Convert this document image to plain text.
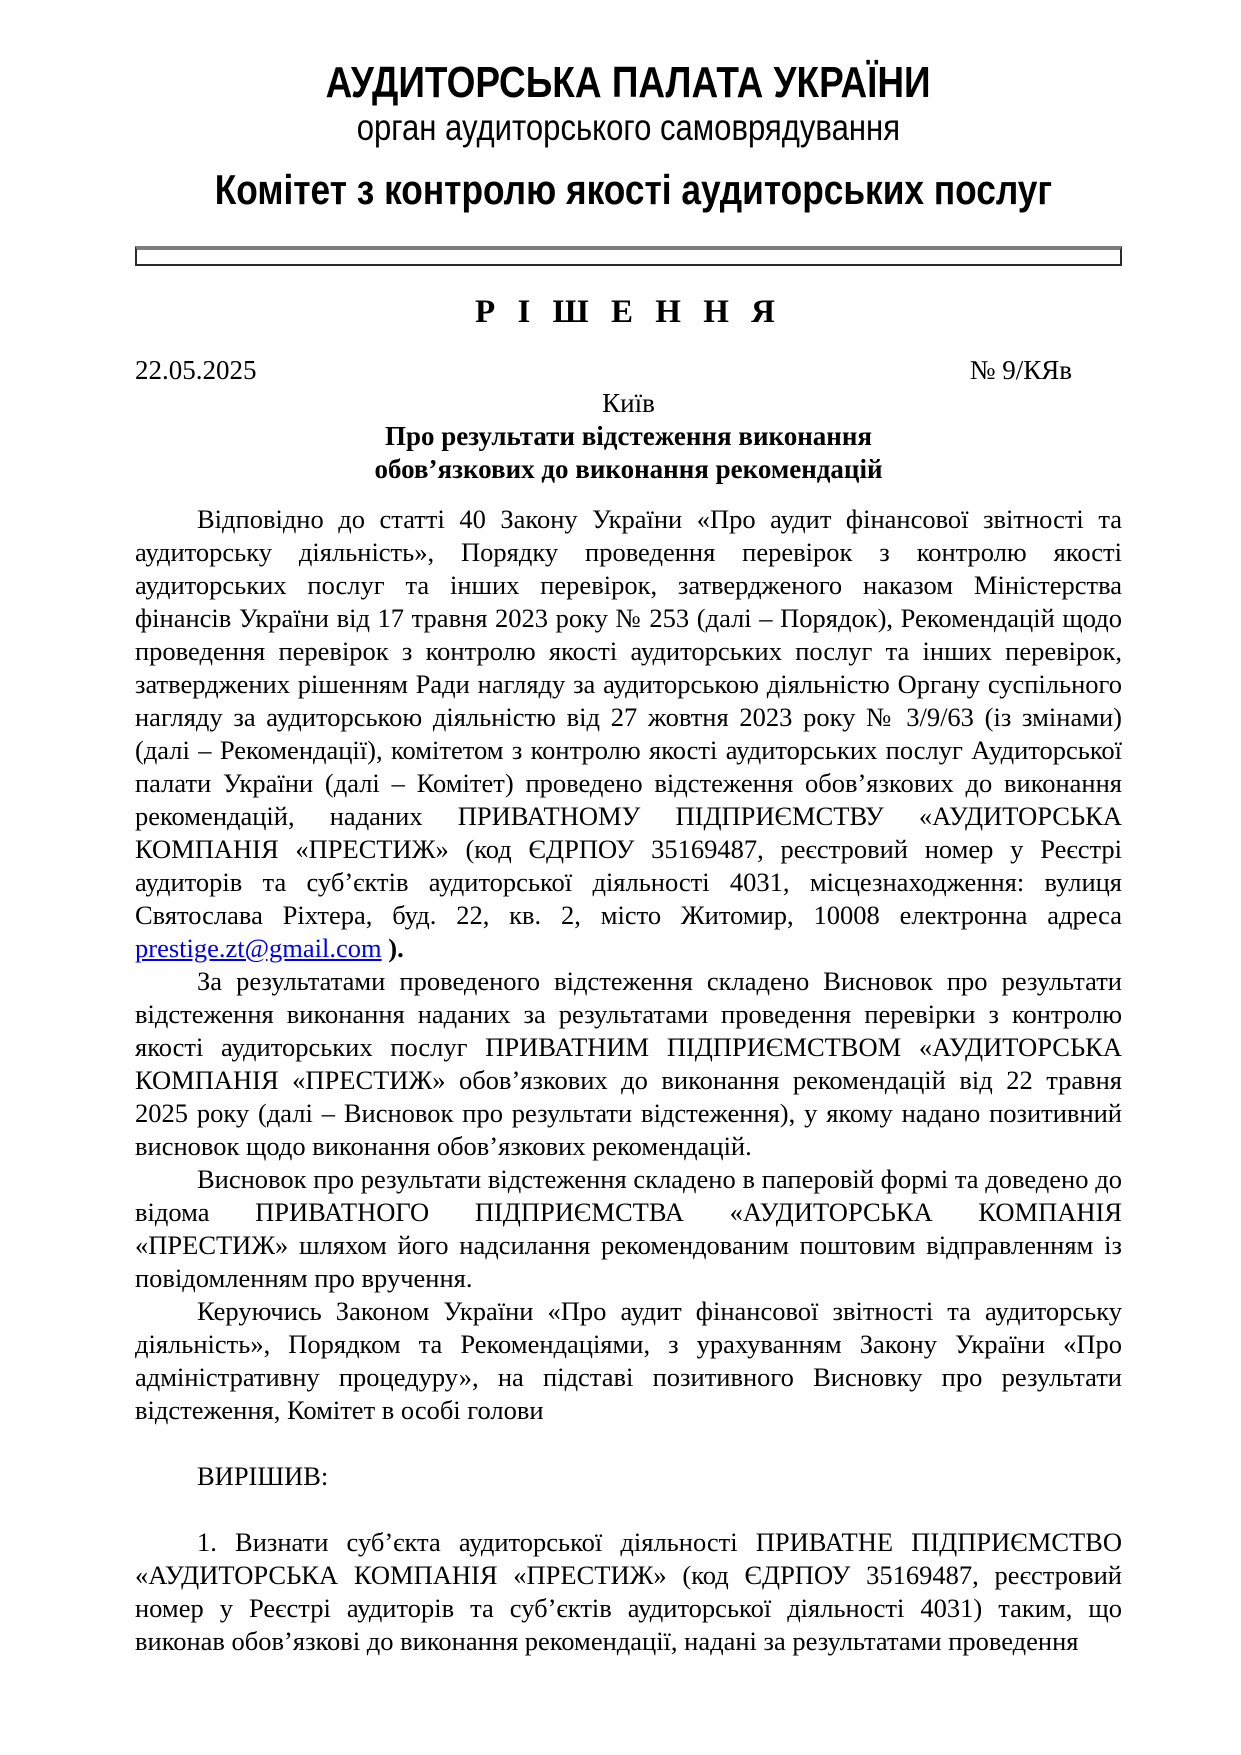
АУДИТОРСЬКА ПАЛАТА УКРАЇНИ
орган аудиторського самоврядування
Комітет з контролю якості аудиторських послуг
Р І Ш Е Н Н Я
22.05.2025	№ 9/КЯв
Київ
Про результати відстеження виконання
обов’язкових до виконання рекомендацій

Відповідно до статті 40 Закону України «Про аудит фінансової звітності та аудиторську діяльність», Порядку проведення перевірок з контролю якості аудиторських послуг та інших перевірок, затвердженого наказом Міністерства фінансів України від 17 травня 2023 року № 253 (далі – Порядок), Рекомендацій щодо проведення перевірок з контролю якості аудиторських послуг та інших перевірок, затверджених рішенням Ради нагляду за аудиторською діяльністю Органу суспільного нагляду за аудиторською діяльністю від 27 жовтня 2023 року № 3/9/63 (із змінами) (далі – Рекомендації), комітетом з контролю якості аудиторських послуг Аудиторської палати України (далі – Комітет) проведено відстеження обов’язкових до виконання рекомендацій, наданих ПРИВАТНОМУ ПІДПРИЄМСТВУ «АУДИТОРСЬКА КОМПАНІЯ «ПРЕСТИЖ» (код ЄДРПОУ 35169487, реєстровий номер у Реєстрі аудиторів та суб’єктів аудиторської діяльності 4031, місцезнаходження: вулиця Святослава Ріхтера, буд. 22, кв. 2, місто Житомир, 10008 електронна адреса prestige.zt@gmail.com ).

За результатами проведеного відстеження складено Висновок про результати відстеження виконання наданих за результатами проведення перевірки з контролю якості аудиторських послуг ПРИВАТНИМ ПІДПРИЄМСТВОМ «АУДИТОРСЬКА КОМПАНІЯ «ПРЕСТИЖ» обов’язкових до виконання рекомендацій від 22 травня 2025 року (далі – Висновок про результати відстеження), у якому надано позитивний висновок щодо виконання обов’язкових рекомендацій.

Висновок про результати відстеження складено в паперовій формі та доведено до відома ПРИВАТНОГО ПІДПРИЄМСТВА «АУДИТОРСЬКА КОМПАНІЯ «ПРЕСТИЖ» шляхом його надсилання рекомендованим поштовим відправленням із повідомленням про вручення.

Керуючись Законом України «Про аудит фінансової звітності та аудиторську діяльність», Порядком та Рекомендаціями, з урахуванням Закону України «Про адміністративну процедуру», на підставі позитивного Висновку про результати відстеження, Комітет в особі голови

ВИРІШИВ:

1. Визнати суб’єкта аудиторської діяльності ПРИВАТНЕ ПІДПРИЄМСТВО «АУДИТОРСЬКА КОМПАНІЯ «ПРЕСТИЖ» (код ЄДРПОУ 35169487, реєстровий номер у Реєстрі аудиторів та суб’єктів аудиторської діяльності 4031) таким, що виконав обов’язкові до виконання рекомендації, надані за результатами проведення
